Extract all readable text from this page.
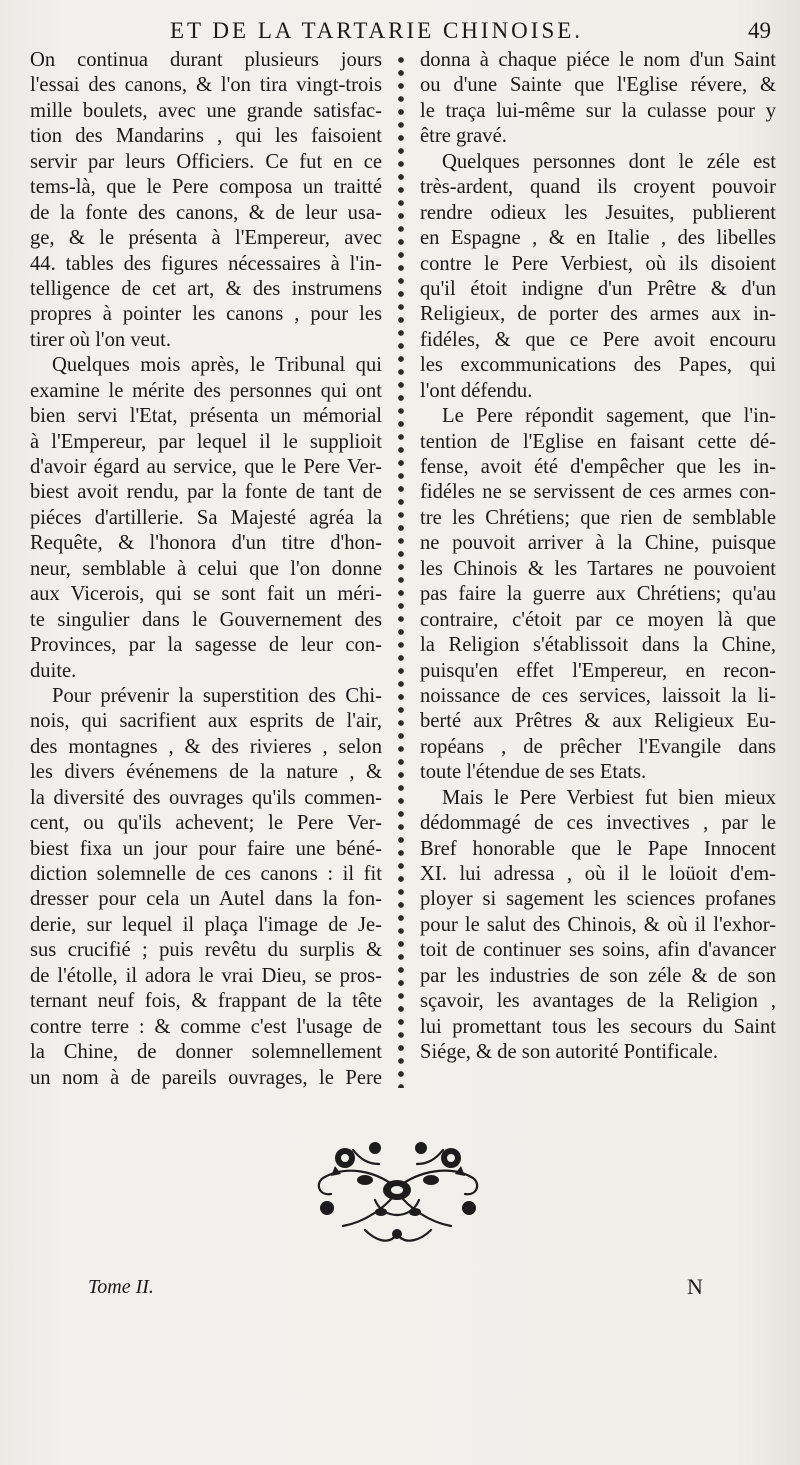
ET DE LA TARTARIE CHINOISE.	49
On continua durant plusieurs jours
l'essai des canons, & l'on tira vingt-trois
mille boulets, avec une grande satisfac-
tion des Mandarins , qui les faisoient
servir par leurs Officiers. Ce fut en ce
tems-là, que le Pere composa un traitté
de la fonte des canons, & de leur usa-
ge, & le présenta à l'Empereur, avec
44. tables des figures nécessaires à l'in-
telligence de cet art, & des instrumens
propres à pointer les canons , pour les
tirer où l'on veut.
Quelques mois après, le Tribunal qui
examine le mérite des personnes qui ont
bien servi l'Etat, présenta un mémorial
à l'Empereur, par lequel il le supplioit
d'avoir égard au service, que le Pere Ver-
biest avoit rendu, par la fonte de tant de
piéces d'artillerie. Sa Majesté agréa la
Requête, & l'honora d'un titre d'hon-
neur, semblable à celui que l'on donne
aux Vicerois, qui se sont fait un méri-
te singulier dans le Gouvernement des
Provinces, par la sagesse de leur con-
duite.
Pour prévenir la superstition des Chi-
nois, qui sacrifient aux esprits de l'air,
des montagnes , & des rivieres , selon
les divers événemens de la nature , &
la diversité des ouvrages qu'ils commen-
cent, ou qu'ils achevent; le Pere Ver-
biest fixa un jour pour faire une béné-
diction solemnelle de ces canons : il fit
dresser pour cela un Autel dans la fon-
derie, sur lequel il plaça l'image de Je-
sus crucifié ; puis revêtu du surplis &
de l'étolle, il adora le vrai Dieu, se pros-
ternant neuf fois, & frappant de la tête
contre terre : & comme c'est l'usage de
la Chine, de donner solemnellement
un nom à de pareils ouvrages, le Pere
donna à chaque piéce le nom d'un Saint
ou d'une Sainte que l'Eglise révere, &
le traça lui-même sur la culasse pour y
être gravé.
Quelques personnes dont le zéle est
très-ardent, quand ils croyent pouvoir
rendre odieux les Jesuites, publierent
en Espagne , & en Italie , des libelles
contre le Pere Verbiest, où ils disoient
qu'il étoit indigne d'un Prêtre & d'un
Religieux, de porter des armes aux in-
fidéles, & que ce Pere avoit encouru
les excommunications des Papes, qui
l'ont défendu.
Le Pere répondit sagement, que l'in-
tention de l'Eglise en faisant cette dé-
fense, avoit été d'empêcher que les in-
fidéles ne se servissent de ces armes con-
tre les Chrétiens; que rien de semblable
ne pouvoit arriver à la Chine, puisque
les Chinois & les Tartares ne pouvoient
pas faire la guerre aux Chrétiens; qu'au
contraire, c'étoit par ce moyen là que
la Religion s'établissoit dans la Chine,
puisqu'en effet l'Empereur, en recon-
noissance de ces services, laissoit la li-
berté aux Prêtres & aux Religieux Eu-
ropéans , de prêcher l'Evangile dans
toute l'étendue de ses Etats.
Mais le Pere Verbiest fut bien mieux
dédommagé de ces invectives , par le
Bref honorable que le Pape Innocent
XI. lui adressa , où il le loüoit d'em-
ployer si sagement les sciences profanes
pour le salut des Chinois, & où il l'exhor-
toit de continuer ses soins, afin d'avancer
par les industries de son zéle & de son
sçavoir, les avantages de la Religion ,
lui promettant tous les secours du Saint
Siége, & de son autorité Pontificale.
Tome II.	N
